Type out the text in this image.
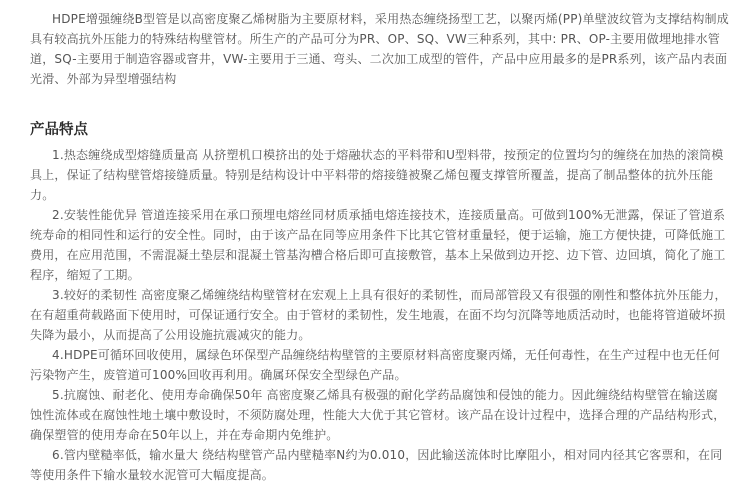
HDPE增强缠绕B型管是以高密度聚乙烯树脂为主要原材料，采用热态缠绕扬型工艺，以聚丙烯(PP)单壁波纹管为支撑结构制成具有较高抗外压能力的特殊结构壁管材。所生产的产品可分为PR、OP、SQ、VW三种系列，其中: PR、OP-主要用做埋地排水管道，SQ-主要用于制造容器或窨井，VW-主要用于三通、弯头、二次加工成型的管件，产品中应用最多的是PR系列，该产品内表面光滑、外部为异型增强结构

产品特点

1.热态缠绕成型熔缝质量高 从挤塑机口模挤出的处于熔融状态的平料带和U型料带，按预定的位置均匀的缠绕在加热的滚筒模具上，保证了结构壁管熔接缝质量。特别是结构设计中平料带的熔接缝被聚乙烯包覆支撑管所覆盖，提高了制品整体的抗外压能力。

2.安装性能优异 管道连接采用在承口预埋电熔丝同材质承插电熔连接技术，连接质量高。可做到100%无泄露，保证了管道系统寿命的相同性和运行的安全性。同时，由于该产品在同等应用条件下比其它管材重量轻，便于运输，施工方便快捷，可降低施工费用，在应用范围，不需混凝土垫层和混凝土管基沟槽合格后即可直接敷管，基本上呆做到边开挖、边下管、边回填，简化了施工程序，缩短了工期。

3.较好的柔韧性 高密度聚乙烯缠绕结构壁管材在宏观上上具有很好的柔韧性，而局部管段又有很强的刚性和整体抗外压能力，在有超重荷载路面下使用时，可保证通行安全。由于管材的柔韧性，发生地震，在面不均匀沉降等地质活动时，也能将管道破坏损失降为最小，从而提高了公用设施抗震减灾的能力。

4.HDPE可循环回收使用，属绿色环保型产品缠绕结构壁管的主要原材料高密度聚丙烯，无任何毒性，在生产过程中也无任何污染物产生，废管道可100%回收再利用。确属环保安全型绿色产品。

5.抗腐蚀、耐老化、使用寿命确保50年 高密度聚乙烯具有极强的耐化学药品腐蚀和侵蚀的能力。因此缠绕结构壁管在输送腐蚀性流体或在腐蚀性地土壤中敷设时，不须防腐处理，性能大大优于其它管材。该产品在设计过程中，选择合理的产品结构形式，确保塑管的使用寿命在50年以上，并在寿命期内免维护。

6.管内壁糙率低，输水量大 绕结构壁管产品内壁糙率N约为0.010，因此输送流体时比摩阻小，相对同内径其它客票和，在同等使用条件下输水量较水泥管可大幅度提高。
